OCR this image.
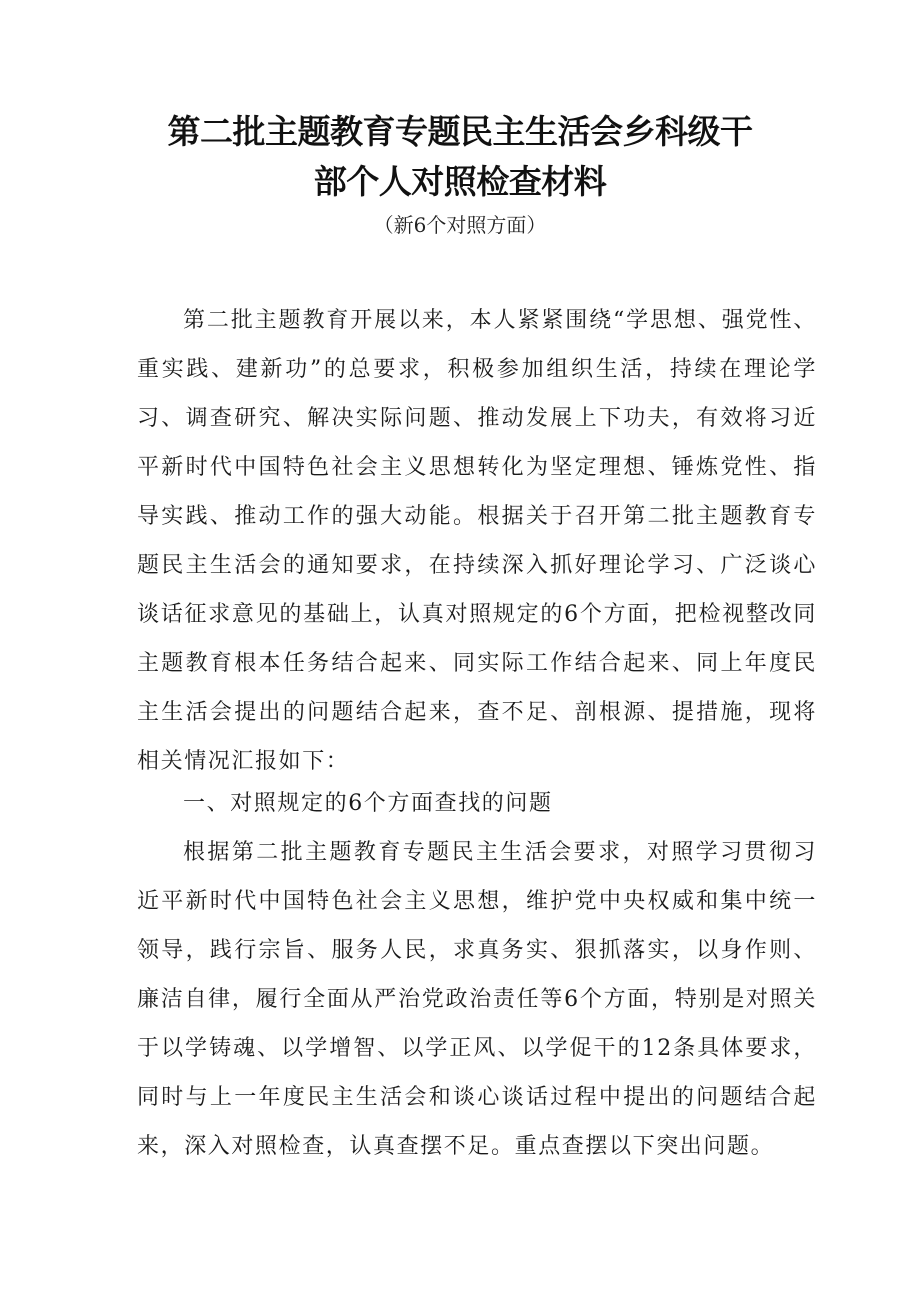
第二批主题教育专题民主生活会乡科级干
部个人对照检查材料
（新6个对照方面）

第二批主题教育开展以来，本人紧紧围绕“学思想、强党性、重实践、建新功”的总要求，积极参加组织生活，持续在理论学习、调查研究、解决实际问题、推动发展上下功夫，有效将习近平新时代中国特色社会主义思想转化为坚定理想、锤炼党性、指导实践、推动工作的强大动能。根据关于召开第二批主题教育专题民主生活会的通知要求，在持续深入抓好理论学习、广泛谈心谈话征求意见的基础上，认真对照规定的6个方面，把检视整改同主题教育根本任务结合起来、同实际工作结合起来、同上年度民主生活会提出的问题结合起来，查不足、剖根源、提措施，现将相关情况汇报如下：

一、对照规定的6个方面查找的问题

根据第二批主题教育专题民主生活会要求，对照学习贯彻习近平新时代中国特色社会主义思想，维护党中央权威和集中统一领导，践行宗旨、服务人民，求真务实、狠抓落实，以身作则、廉洁自律，履行全面从严治党政治责任等6个方面，特别是对照关于以学铸魂、以学增智、以学正风、以学促干的12条具体要求，同时与上一年度民主生活会和谈心谈话过程中提出的问题结合起来，深入对照检查，认真查摆不足。重点查摆以下突出问题。
